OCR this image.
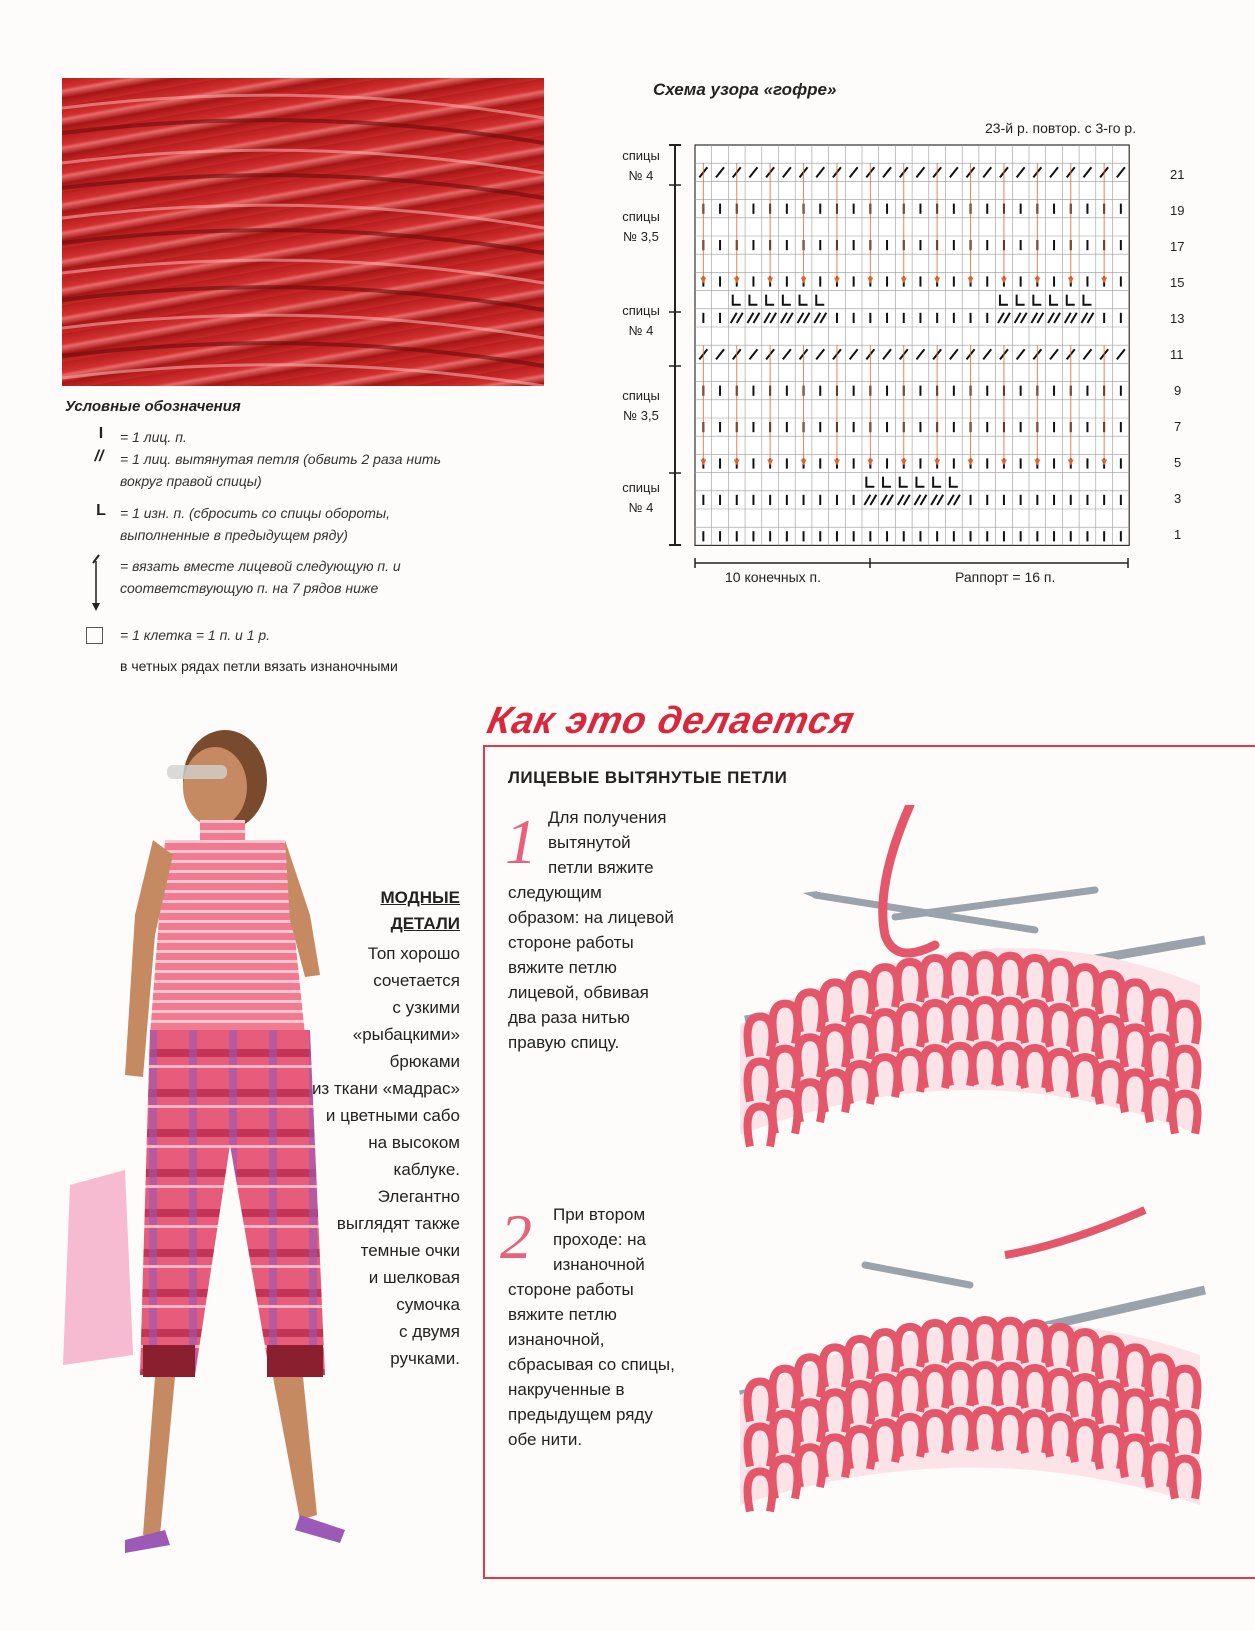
Условные обозначения
I	= 1 лиц. п.
//	= 1 лиц. вытянутая петля (обвить 2 раза нить вокруг правой спицы)
L	= 1 изн. п. (сбросить со спицы обороты, выполненные в предыдущем ряду)
= вязать вместе лицевой следующую п. и соответствующую п. на 7 рядов ниже
= 1 клетка = 1 п. и 1 р.
в четных рядах петли вязать изнаночными
Схема узора «гофре»
23-й р. повтор. с 3-го р.
спицы
№ 4
спицы
№ 3,5
спицы
№ 4
спицы
№ 3,5
спицы
№ 4
21
19
17
15
13
11
9
7
5
3
1
10 конечных п.	Раппорт = 16 п.
МОДНЫЕ
ДЕТАЛИ
Топ хорошо
сочетается
с узкими
«рыбацкими»
брюками
из ткани «мадрас»
и цветными сабо
на высоком
каблуке.
Элегантно
выглядят также
темные очки
и шелковая
сумочка
с двумя
ручками.
Как это делается
ЛИЦЕВЫЕ ВЫТЯНУТЫЕ ПЕТЛИ
1 Для получения
вытянутой
петли вяжите
следующим
образом: на лицевой
стороне работы
вяжите петлю
лицевой, обвивая
два раза нитью
правую спицу.
2 При втором
проходе: на
изнаночной
стороне работы
вяжите петлю
изнаночной,
сбрасывая со спицы,
накрученные в
предыдущем ряду
обе нити.
